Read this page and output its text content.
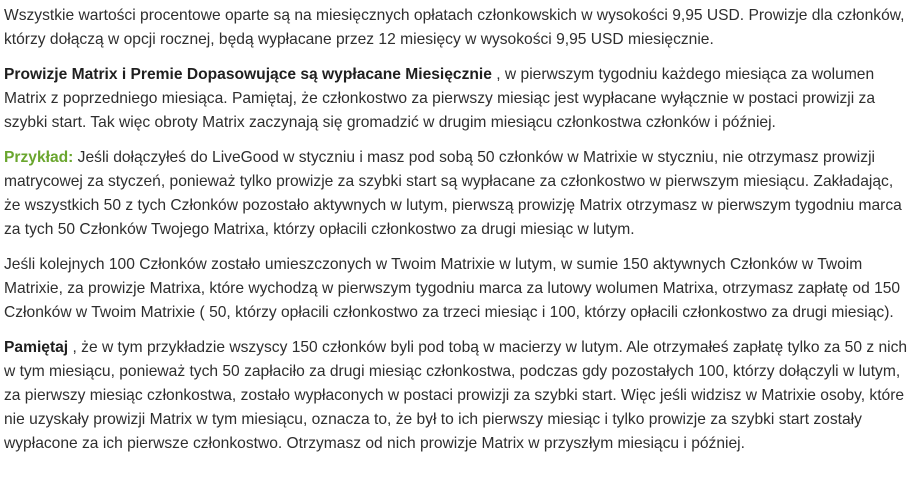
Wszystkie wartości procentowe oparte są na miesięcznych opłatach członkowskich w wysokości 9,95 USD. Prowizje dla członków, którzy dołączą w opcji rocznej, będą wypłacane przez 12 miesięcy w wysokości 9,95 USD miesięcznie.

Prowizje Matrix i Premie Dopasowujące są wypłacane Miesięcznie , w pierwszym tygodniu każdego miesiąca za wolumen Matrix z poprzedniego miesiąca. Pamiętaj, że członkostwo za pierwszy miesiąc jest wypłacane wyłącznie w postaci prowizji za szybki start. Tak więc obroty Matrix zaczynają się gromadzić w drugim miesiącu członkostwa członków i później.

Przykład: Jeśli dołączyłeś do LiveGood w styczniu i masz pod sobą 50 członków w Matrixie w styczniu, nie otrzymasz prowizji matrycowej za styczeń, ponieważ tylko prowizje za szybki start są wypłacane za członkostwo w pierwszym miesiącu. Zakładając, że wszystkich 50 z tych Członków pozostało aktywnych w lutym, pierwszą prowizję Matrix otrzymasz w pierwszym tygodniu marca za tych 50 Członków Twojego Matrixa, którzy opłacili członkostwo za drugi miesiąc w lutym.

Jeśli kolejnych 100 Członków zostało umieszczonych w Twoim Matrixie w lutym, w sumie 150 aktywnych Członków w Twoim Matrixie, za prowizje Matrixa, które wychodzą w pierwszym tygodniu marca za lutowy wolumen Matrixa, otrzymasz zapłatę od 150 Członków w Twoim Matrixie ( 50, którzy opłacili członkostwo za trzeci miesiąc i 100, którzy opłacili członkostwo za drugi miesiąc).

Pamiętaj , że w tym przykładzie wszyscy 150 członków byli pod tobą w macierzy w lutym. Ale otrzymałeś zapłatę tylko za 50 z nich w tym miesiącu, ponieważ tych 50 zapłaciło za drugi miesiąc członkostwa, podczas gdy pozostałych 100, którzy dołączyli w lutym, za pierwszy miesiąc członkostwa, zostało wypłaconych w postaci prowizji za szybki start. Więc jeśli widzisz w Matrixie osoby, które nie uzyskały prowizji Matrix w tym miesiącu, oznacza to, że był to ich pierwszy miesiąc i tylko prowizje za szybki start zostały wypłacone za ich pierwsze członkostwo. Otrzymasz od nich prowizje Matrix w przyszłym miesiącu i później.
